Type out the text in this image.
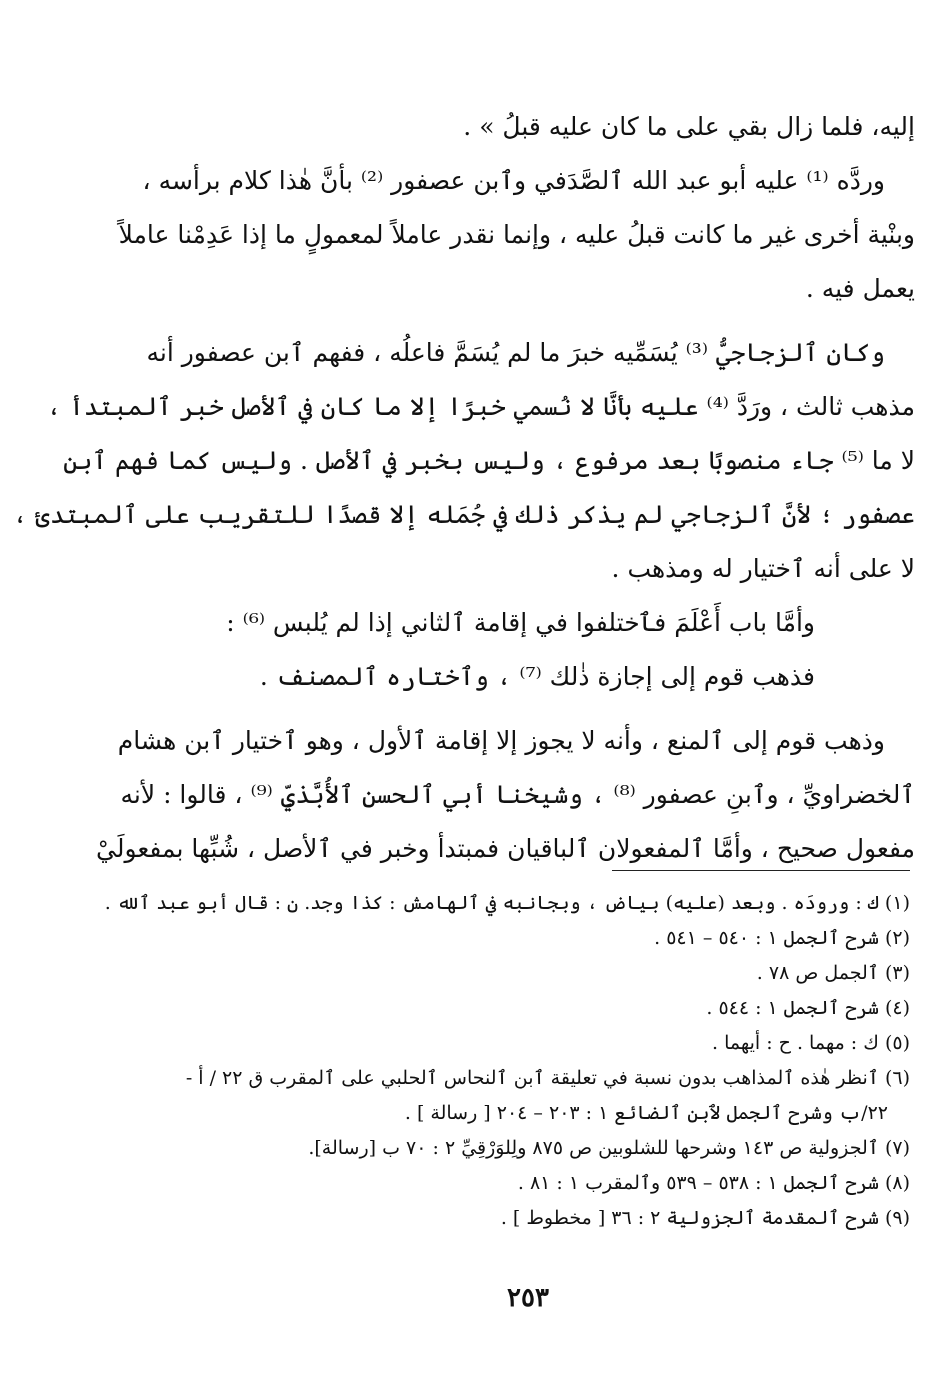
إليه، فلما زال بقي على ما كان عليه قبلُ » .

وردَّه ⁽¹⁾ عليه أبو عبد الله ٱلصَّدَفي وٱبن عصفور ⁽²⁾ بأنَّ هٰذا كلام برأسه ،

وبنْية أخرى غير ما كانت قبلُ عليه ، وإنما نقدر عاملاً لمعمولٍ ما إذا عَدِمْنا عاملاً

يعمل فيه .

وكان ٱلزجاجيُّ ⁽³⁾ يُسَمِّيه خبرَ ما لم يُسَمَّ فاعلُه ، ففهم ٱبن عصفور أنه

مذهب ثالث ، ورَدَّ ⁽⁴⁾ عليه بأنَّا لا نُسمي خبرًا إلا ما كان في ٱلأصل خبر ٱلمبتدأ ،

لا ما ⁽⁵⁾ جاء منصوبًا بعد مرفوع ، وليس بخبر في ٱلأصل . وليس كما فهم ٱبن

عصفور ؛ لأنَّ ٱلزجاجي لم يذكر ذٰلك في جُمَله إلا قصدًا للتقريب على ٱلمبتدئ ،

لا على أنه ٱختيار له ومذهب .

وأمَّا باب أَعْلَمَ فٱختلفوا في إقامة ٱلثاني إذا لم يُلبس ⁽⁶⁾ :

فذهب قوم إلى إجازة ذٰلك ⁽⁷⁾ ، وٱختاره ٱلمصنف .

وذهب قوم إلى ٱلمنع ، وأنه لا يجوز إلا إقامة ٱلأول ، وهو ٱختيار ٱبن هشام

ٱلخضراويِّ ، وٱبنِ عصفور ⁽⁸⁾ ، وشيخنا أبي ٱلحسن ٱلأُبَّذيِّ ⁽⁹⁾ ، قالوا : لأنه

مفعول صحيح ، وأمَّا ٱلمفعولان ٱلباقيان فمبتدأ وخبر في ٱلأصل ، شُبِّها بمفعولَيْ

(١) ك : ورودَه . وبعد (عليه) بياض ، وبجانبه في ٱلهامش : كذا وجد. ن : قال أبو عبد ٱلله .
(٢) شرح ٱلجمل ١ : ٥٤٠ – ٥٤١ .
(٣) ٱلجمل ص ٧٨ .
(٤) شرح ٱلجمل ١ : ٥٤٤ .
(٥) ك : مهما . ح : أيهما .
(٦) ٱنظر هٰذه ٱلمذاهب بدون نسبة في تعليقة ٱبن ٱلنحاس ٱلحلبي على ٱلمقرب ق ٢٢ / أ -
٢٢/ب وشرح ٱلجمل لٱبن ٱلضائع ١ : ٢٠٣ – ٢٠٤ [ رسالة ] .
(٧) ٱلجزولية ص ١٤٣ وشرحها للشلوبين ص ٨٧٥ ولِلوَرْقِيِّ ٢ : ٧٠ ب [رسالة].
(٨) شرح ٱلجمل ١ : ٥٣٨ – ٥٣٩ وٱلمقرب ١ : ٨١ .
(٩) شرح ٱلمقدمة ٱلجزولية ٢ : ٣٦ [ مخطوط ] .
٢٥٣
